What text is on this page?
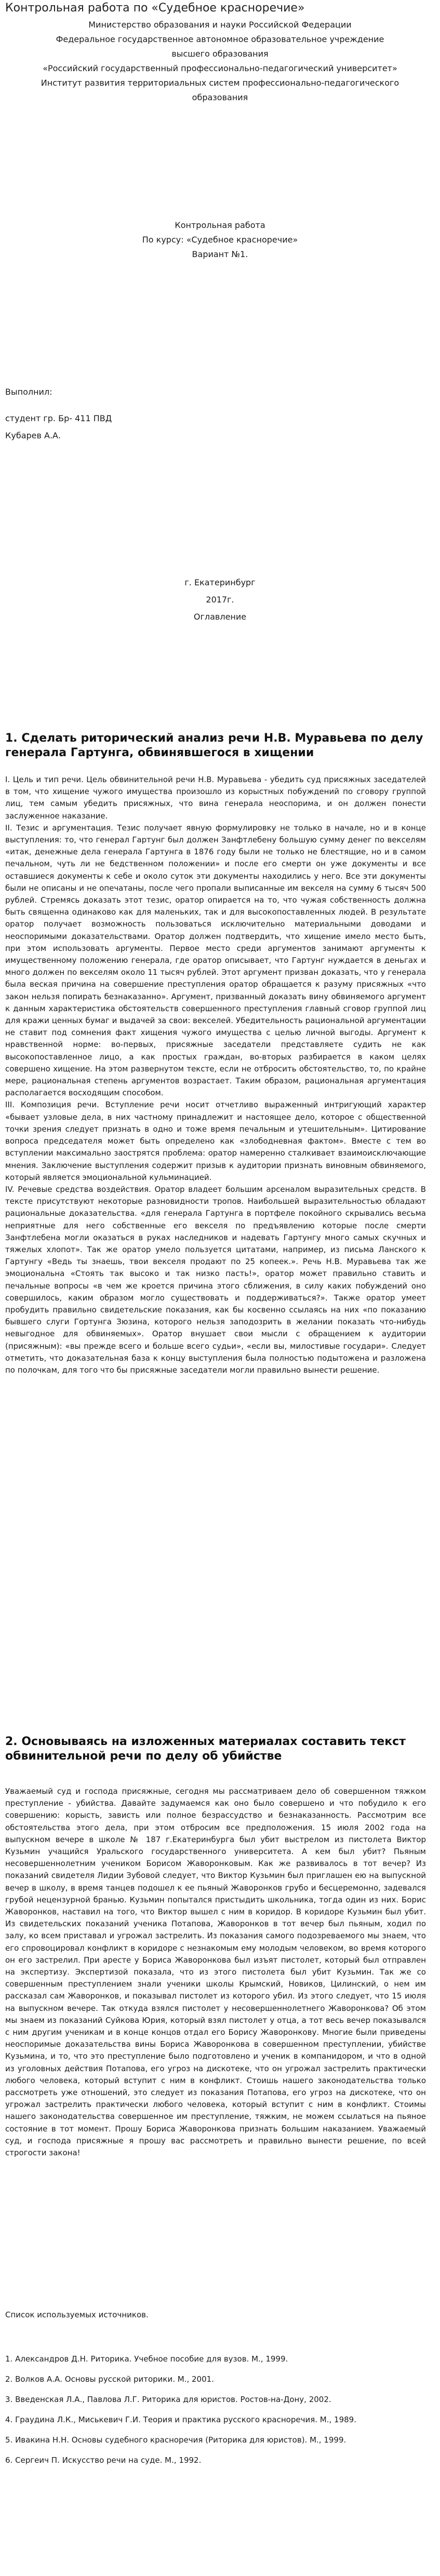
Контрольная работа по «Судебное красноречие»
Министерство образования и науки Российской Федерации
Федеральное государственное автономное образовательное учреждение
высшего образования
«Российский государственный профессионально-педагогический университет»
Институт развития территориальных систем профессионально-педагогического
образования
Контрольная работа
По курсу: «Судебное красноречие»
Вариант №1.
Выполнил:
студент гр. Бр- 411 ПВД
Кубарев А.А.
г. Екатеринбург
2017г.
Оглавление
1. Сделать риторический анализ речи Н.В. Муравьева по делу генерала Гартунга, обвинявшегося в хищении

I. Цель и тип речи. Цель обвинительной речи Н.В. Муравьева - убедить суд присяжных заседателей в том, что хищение чужого имущества произошло из корыстных побуждений по сговору группой лиц, тем самым убедить присяжных, что вина генерала неоспорима, и он должен понести заслуженное наказание.

II. Тезис и аргументация. Тезис получает явную формулировку не только в начале, но и в конце выступления: то, что генерал Гартунг был должен Занфтлебену большую сумму денег по векселям «итак, денежные дела генерала Гартунга в 1876 году были не только не блестящие, но и в самом печальном, чуть ли не бедственном положении» и после его смерти он уже документы и все оставшиеся документы к себе и около суток эти документы находились у него. Все эти документы были не описаны и не опечатаны, после чего пропали выписанные им векселя на сумму 6 тысяч 500 рублей. Стремясь доказать этот тезис, оратор опирается на то, что чужая собственность должна быть священна одинаково как для маленьких, так и для высокопоставленных людей. В результате оратор получает возможность пользоваться исключительно материальными доводами и неоспоримыми доказательствами. Оратор должен подтвердить, что хищение имело место быть, при этом использовать аргументы. Первое место среди аргументов занимают аргументы к имущественному положению генерала, где оратор описывает, что Гартунг нуждается в деньгах и много должен по векселям около 11 тысяч рублей. Этот аргумент призван доказать, что у генерала была веская причина на совершение преступления оратор обращается к разуму присяжных «что закон нельзя попирать безнаказанно». Аргумент, призванный доказать вину обвиняемого аргумент к данным характеристика обстоятельств совершенного преступления главный сговор группой лиц для кражи ценных бумаг и выдачей за свои: векселей. Убедительность рациональной аргументации не ставит под сомнения факт хищения чужого имущества с целью личной выгоды. Аргумент к нравственной норме: во-первых, присяжные заседатели представляете судить не как высокопоставленное лицо, а как простых граждан, во-вторых разбирается в каком целях совершено хищение. На этом развернутом тексте, если не отбросить обстоятельство, то, по крайне мере, рациональная степень аргументов возрастает. Таким образом, рациональная аргументация располагается восходящим способом.

III. Композиция речи. Вступление речи носит отчетливо выраженный интригующий характер «бывает узловые дела, в них частному принадлежит и настоящее дело, которое с общественной точки зрения следует признать в одно и тоже время печальным и утешительным». Цитирование вопроса председателя может быть определено как «злободневная фактом». Вместе с тем во вступлении максимально заострятся проблема: оратор намеренно сталкивает взаимоисключающие мнения. Заключение выступления содержит призыв к аудитории признать виновным обвиняемого, который является эмоциональной кульминацией.

IV. Речевые средства воздействия. Оратор владеет большим арсеналом выразительных средств. В тексте присутствуют некоторые разновидности тропов. Наибольшей выразительностью обладают рациональные доказательства. «для генерала Гартунга в портфеле покойного скрывались весьма неприятные для него собственные его векселя по предъявлению которые после смерти Занфтлебена могли оказаться в руках наследников и надевать Гартунгу много самых скучных и тяжелых хлопот». Так же оратор умело пользуется цитатами, например, из письма Ланского к Гартунгу «Ведь ты знаешь, твои векселя продают по 25 копеек.». Речь Н.В. Муравьева так же эмоциональна «Стоять так высоко и так низко пасть!», оратор может правильно ставить и печальные вопросы «в чем же кроется причина этого сближения, в силу каких побуждений оно совершилось, каким образом могло существовать и поддерживаться?». Также оратор умеет пробудить правильно свидетельские показания, как бы косвенно ссылаясь на них «по показанию бывшего слуги Гортунга Зюзина, которого нельзя заподозрить в желании показать что-нибудь невыгодное для обвиняемых». Оратор внушает свои мысли с обращением к аудитории (присяжным): «вы прежде всего и больше всего судьи», «если вы, милостивые государи». Следует отметить, что доказательная база к концу выступления была полностью подытожена и разложена по полочкам, для того что бы присяжные заседатели могли правильно вынести решение.

2. Основываясь на изложенных материалах составить текст обвинительной речи по делу об убийстве

Уважаемый суд и господа присяжные, сегодня мы рассматриваем дело об совершенном тяжком преступление - убийства. Давайте задумаемся как оно было совершено и что побудило к его совершению: корысть, зависть или полное безрассудство и безнаказанность. Рассмотрим все обстоятельства этого дела, при этом отбросим все предположения. 15 июля 2002 года на выпускном вечере в школе № 187 г.Екатеринбурга был убит выстрелом из пистолета Виктор Кузьмин учащийся Уральского государственного университета. А кем был убит? Пьяным несовершеннолетним учеником Борисом Жаворонковым. Как же развивалось в тот вечер? Из показаний свидетеля Лидии Зубовой следует, что Виктор Кузьмин был приглашен ею на выпускной вечер в школу, в время танцев подошел к ее пьяный Жаворонков грубо и бесцеремонно, задевался грубой нецензурной бранью. Кузьмин попытался пристыдить школьника, тогда один из них. Борис Жаворонков, наставил на того, что Виктор вышел с ним в коридор. В коридоре Кузьмин был убит. Из свидетельских показаний ученика Потапова, Жаворонков в тот вечер был пьяным, ходил по залу, ко всем приставал и угрожал застрелить. Из показания самого подозреваемого мы знаем, что его спровоцировал конфликт в коридоре с незнакомым ему молодым человеком, во время которого он его застрелил. При аресте у Бориса Жаворонкова был изъят пистолет, который был отправлен на экспертизу. Экспертизой показала, что из этого пистолета был убит Кузьмин. Так же со совершенным преступлением знали ученики школы Крымский, Новиков, Цилинский, о нем им рассказал сам Жаворонков, и показывал пистолет из которого убил. Из этого следует, что 15 июля на выпускном вечере. Так откуда взялся пистолет у несовершеннолетнего Жаворонкова? Об этом мы знаем из показаний Суйкова Юрия, который взял пистолет у отца, а тот весь вечер показывался с ним другим ученикам и в конце концов отдал его Борису Жаворонкову. Многие были приведены неоспоримые доказательства вины Бориса Жаворонкова в совершенном преступлении, убийстве Кузьмина, и то, что это преступление было подготовлено и ученик в компанидором, и что в одной из уголовных действия Потапова, его угроз на дискотеке, что он угрожал застрелить практически любого человека, который вступит с ним в конфликт. Стоишь нашего законодательства только рассмотреть уже отношений, это следует из показания Потапова, его угроз на дискотеке, что он угрожал застрелить практически любого человека, который вступит с ним в конфликт. Стоимы нашего законодательства совершенное им преступление, тяжким, не можем ссылаться на пьяное состояние в тот момент. Прошу Бориса Жаворонкова признать большим наказанием. Уважаемый суд, и господа присяжные я прошу вас рассмотреть и правильно вынести решение, по всей строгости закона!

Список используемых источников.
1. Александров Д.Н. Риторика. Учебное пособие для вузов. М., 1999.
2. Волков А.А. Основы русской риторики. М., 2001.
3. Введенская Л.А., Павлова Л.Г. Риторика для юристов. Ростов-на-Дону, 2002.
4. Граудина Л.К., Миськевич Г.И. Теория и практика русского красноречия. М., 1989.
5. Ивакина Н.Н. Основы судебного красноречия (Риторика для юристов). М., 1999.
6. Сергеич П. Искусство речи на суде. М., 1992.
